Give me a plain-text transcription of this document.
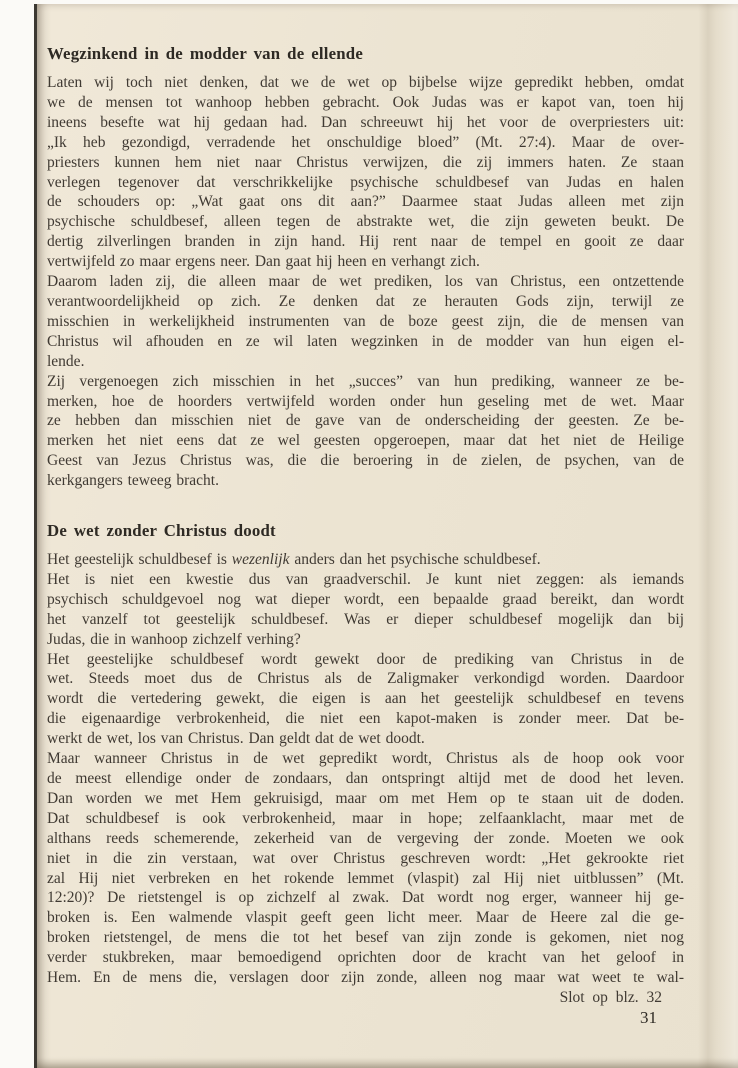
Wegzinkend in de modder van de ellende
Laten wij toch niet denken, dat we de wet op bijbelse wijze gepredikt hebben, omdat
we de mensen tot wanhoop hebben gebracht. Ook Judas was er kapot van, toen hij
ineens besefte wat hij gedaan had. Dan schreeuwt hij het voor de overpriesters uit:
„Ik heb gezondigd, verradende het onschuldige bloed” (Mt. 27:4). Maar de over-
priesters kunnen hem niet naar Christus verwijzen, die zij immers haten. Ze staan
verlegen tegenover dat verschrikkelijke psychische schuldbesef van Judas en halen
de schouders op: „Wat gaat ons dit aan?” Daarmee staat Judas alleen met zijn
psychische schuldbesef, alleen tegen de abstrakte wet, die zijn geweten beukt. De
dertig zilverlingen branden in zijn hand. Hij rent naar de tempel en gooit ze daar
vertwijfeld zo maar ergens neer. Dan gaat hij heen en verhangt zich.
Daarom laden zij, die alleen maar de wet prediken, los van Christus, een ontzettende
verantwoordelijkheid op zich. Ze denken dat ze herauten Gods zijn, terwijl ze
misschien in werkelijkheid instrumenten van de boze geest zijn, die de mensen van
Christus wil afhouden en ze wil laten wegzinken in de modder van hun eigen el-
lende.
Zij vergenoegen zich misschien in het „succes” van hun prediking, wanneer ze be-
merken, hoe de hoorders vertwijfeld worden onder hun geseling met de wet. Maar
ze hebben dan misschien niet de gave van de onderscheiding der geesten. Ze be-
merken het niet eens dat ze wel geesten opgeroepen, maar dat het niet de Heilige
Geest van Jezus Christus was, die die beroering in de zielen, de psychen, van de
kerkgangers teweeg bracht.
De wet zonder Christus doodt
Het geestelijk schuldbesef is wezenlijk anders dan het psychische schuldbesef.
Het is niet een kwestie dus van graadverschil. Je kunt niet zeggen: als iemands
psychisch schuldgevoel nog wat dieper wordt, een bepaalde graad bereikt, dan wordt
het vanzelf tot geestelijk schuldbesef. Was er dieper schuldbesef mogelijk dan bij
Judas, die in wanhoop zichzelf verhing?
Het geestelijke schuldbesef wordt gewekt door de prediking van Christus in de
wet. Steeds moet dus de Christus als de Zaligmaker verkondigd worden. Daardoor
wordt die vertedering gewekt, die eigen is aan het geestelijk schuldbesef en tevens
die eigenaardige verbrokenheid, die niet een kapot-maken is zonder meer. Dat be-
werkt de wet, los van Christus. Dan geldt dat de wet doodt.
Maar wanneer Christus in de wet gepredikt wordt, Christus als de hoop ook voor
de meest ellendige onder de zondaars, dan ontspringt altijd met de dood het leven.
Dan worden we met Hem gekruisigd, maar om met Hem op te staan uit de doden.
Dat schuldbesef is ook verbrokenheid, maar in hope; zelfaanklacht, maar met de
althans reeds schemerende, zekerheid van de vergeving der zonde. Moeten we ook
niet in die zin verstaan, wat over Christus geschreven wordt: „Het gekrookte riet
zal Hij niet verbreken en het rokende lemmet (vlaspit) zal Hij niet uitblussen” (Mt.
12:20)? De rietstengel is op zichzelf al zwak. Dat wordt nog erger, wanneer hij ge-
broken is. Een walmende vlaspit geeft geen licht meer. Maar de Heere zal die ge-
broken rietstengel, de mens die tot het besef van zijn zonde is gekomen, niet nog
verder stukbreken, maar bemoedigend oprichten door de kracht van het geloof in
Hem. En de mens die, verslagen door zijn zonde, alleen nog maar wat weet te wal-
Slot op blz. 32
31
